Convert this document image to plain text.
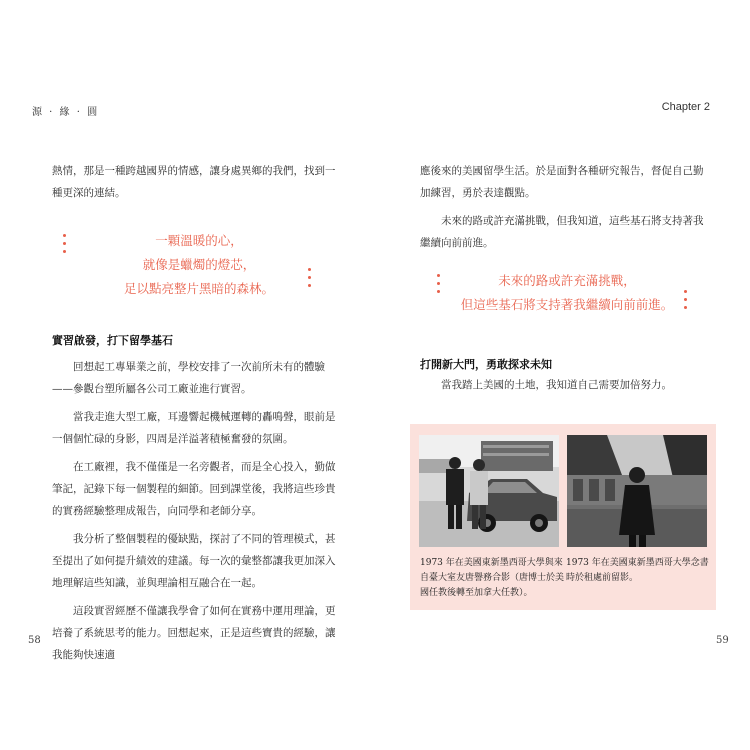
源 · 緣 · 圓	Chapter 2

熱情，那是一種跨越國界的情感，讓身處異鄉的我們，找到一種更深的連結。

一顆溫暖的心，
就像是蠟燭的燈芯，
足以點亮整片黑暗的森林。
實習啟發，打下留學基石

回想起工專畢業之前，學校安排了一次前所未有的體驗——參觀台塑所屬各公司工廠並進行實習。

當我走進大型工廠，耳邊響起機械運轉的轟鳴聲，眼前是一個個忙碌的身影，四周是洋溢著積極奮發的氛圍。

在工廠裡，我不僅僅是一名旁觀者，而是全心投入，勤做筆記，記錄下每一個製程的細節。回到課堂後，我將這些珍貴的實務經驗整理成報告，向同學和老師分享。

我分析了整個製程的優缺點，探討了不同的管理模式，甚至提出了如何提升績效的建議。每一次的彙整都讓我更加深入地理解這些知識，並與理論相互融合在一起。

這段實習經歷不僅讓我學會了如何在實務中運用理論，更培養了系統思考的能力。回想起來，正是這些寶貴的經驗，讓我能夠快速適

58

應後來的美國留學生活。於是面對各種研究報告，督促自己勤加練習，勇於表達觀點。

未來的路或許充滿挑戰，但我知道，這些基石將支持著我繼續向前前進。

未來的路或許充滿挑戰，
但這些基石將支持著我繼續向前前進。
打開新大門，勇敢探求未知

當我踏上美國的土地，我知道自己需要加倍努力。

1973 年在美國東新墨西哥大學與來自臺大室友唐譽務合影（唐博士於美國任教後轉至加拿大任教）。
1973 年在美國東新墨西哥大學念書時於租處前留影。
59
